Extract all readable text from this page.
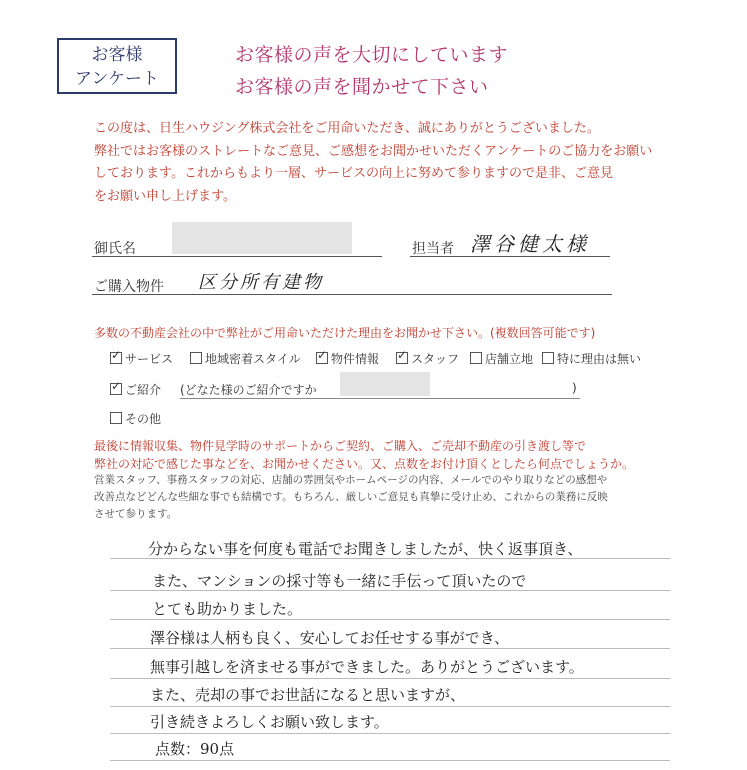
お客様
アンケート
お客様の声を大切にしています
お客様の声を聞かせて下さい
この度は、日生ハウジング株式会社をご用命いただき、誠にありがとうございました。
弊社ではお客様のストレートなご意見、ご感想をお聞かせいただくアンケートのご協力をお願い
しております。これからもより一層、サービスの向上に努めて参りますので是非、ご意見
をお願い申し上げます。
御氏名	担当者 澤谷健太様
ご購入物件 区分所有建物
多数の不動産会社の中で弊社がご用命いただけた理由をお聞かせ下さい。(複数回答可能です)
✓サービス	地域密着スタイル ✓	物件情報 ✓	スタッフ	店舗立地	特に理由は無い
✓ご紹介 (どなた様のご紹介ですか	)
その他
最後に情報収集、物件見学時のサポートからご契約、ご購入、ご売却不動産の引き渡し等で
弊社の対応で感じた事などを、お聞かせください。又、点数をお付け頂くとしたら何点でしょうか。
営業スタッフ、事務スタッフの対応、店舗の雰囲気やホームページの内容、メールでのやり取りなどの感想や
改善点などどんな些細な事でも結構です。もちろん、厳しいご意見も真摯に受け止め、これからの業務に反映
させて参ります。
分からない事を何度も電話でお聞きしましたが、快く返事頂き、
また、マンションの採寸等も一緒に手伝って頂いたので
とても助かりました。
澤谷様は人柄も良く、安心してお任せする事ができ、
無事引越しを済ませる事ができました。ありがとうございます。
また、売却の事でお世話になると思いますが、
引き続きよろしくお願い致します。
点数：90点
